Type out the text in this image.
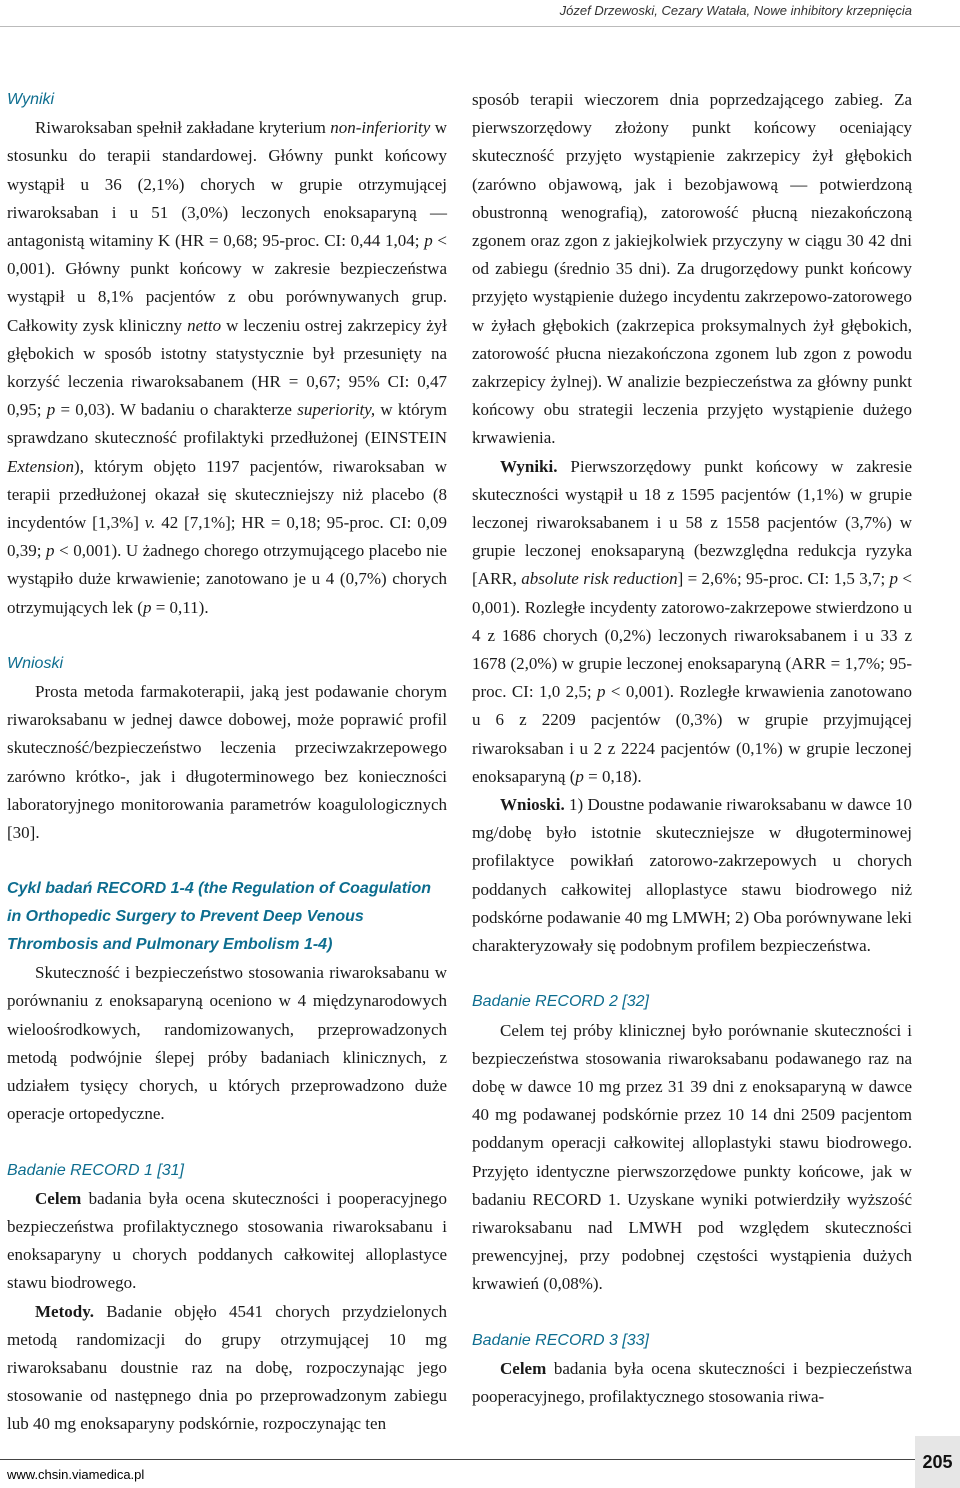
Józef Drzewoski, Cezary Watała, Nowe inhibitory krzepnięcia
Wyniki

Riwaroksaban spełnił zakładane kryterium non-inferiority w stosunku do terapii standardowej. Główny punkt końcowy wystąpił u 36 (2,1%) chorych w grupie otrzymującej riwaroksaban i u 51 (3,0%) leczonych enoksaparyną — antagonistą witaminy K (HR = 0,68; 95-proc. CI: 0,44 1,04; p < 0,001). Główny punkt końcowy w zakresie bezpieczeństwa wystąpił u 8,1% pacjentów z obu porównywanych grup. Całkowity zysk kliniczny netto w leczeniu ostrej zakrzepicy żył głębokich w sposób istotny statystycznie był przesunięty na korzyść leczenia riwaroksabanem (HR = 0,67; 95% CI: 0,47 0,95; p = 0,03). W badaniu o charakterze superiority, w którym sprawdzano skuteczność profilaktyki przedłużonej (EINSTEIN Extension), którym objęto 1197 pacjentów, riwaroksaban w terapii przedłużonej okazał się skuteczniejszy niż placebo (8 incydentów [1,3%] v. 42 [7,1%]; HR = 0,18; 95-proc. CI: 0,09 0,39; p < 0,001). U żadnego chorego otrzymującego placebo nie wystąpiło duże krwawienie; zanotowano je u 4 (0,7%) chorych otrzymujących lek (p = 0,11).

Wnioski

Prosta metoda farmakoterapii, jaką jest podawanie chorym riwaroksabanu w jednej dawce dobowej, może poprawić profil skuteczność/bezpieczeństwo leczenia przeciwzakrzepowego zarówno krótko-, jak i długoterminowego bez konieczności laboratoryjnego monitorowania parametrów koagulologicznych [30].

Cykl badań RECORD 1-4 (the Regulation of Coagulation in Orthopedic Surgery to Prevent Deep Venous Thrombosis and Pulmonary Embolism 1-4)

Skuteczność i bezpieczeństwo stosowania riwaroksabanu w porównaniu z enoksaparyną oceniono w 4 międzynarodowych wieloośrodkowych, randomizowanych, przeprowadzonych metodą podwójnie ślepej próby badaniach klinicznych, z udziałem tysięcy chorych, u których przeprowadzono duże operacje ortopedyczne.

Badanie RECORD 1 [31]

Celem badania była ocena skuteczności i pooperacyjnego bezpieczeństwa profilaktycznego stosowania riwaroksabanu i enoksaparyny u chorych poddanych całkowitej alloplastyce stawu biodrowego.

Metody. Badanie objęło 4541 chorych przydzielonych metodą randomizacji do grupy otrzymującej 10 mg riwaroksabanu doustnie raz na dobę, rozpoczynając jego stosowanie od następnego dnia po przeprowadzonym zabiegu lub 40 mg enoksaparyny podskórnie, rozpoczynając ten

sposób terapii wieczorem dnia poprzedzającego zabieg. Za pierwszorzędowy złożony punkt końcowy oceniający skuteczność przyjęto wystąpienie zakrzepicy żył głębokich (zarówno objawową, jak i bezobjawową — potwierdzoną obustronną wenografią), zatorowość płucną niezakończoną zgonem oraz zgon z jakiejkolwiek przyczyny w ciągu 30 42 dni od zabiegu (średnio 35 dni). Za drugorzędowy punkt końcowy przyjęto wystąpienie dużego incydentu zakrzepowo-zatorowego w żyłach głębokich (zakrzepica proksymalnych żył głębokich, zatorowość płucna niezakończona zgonem lub zgon z powodu zakrzepicy żylnej). W analizie bezpieczeństwa za główny punkt końcowy obu strategii leczenia przyjęto wystąpienie dużego krwawienia.

Wyniki. Pierwszorzędowy punkt końcowy w zakresie skuteczności wystąpił u 18 z 1595 pacjentów (1,1%) w grupie leczonej riwaroksabanem i u 58 z 1558 pacjentów (3,7%) w grupie leczonej enoksaparyną (bezwzględna redukcja ryzyka [ARR, absolute risk reduction] = 2,6%; 95-proc. CI: 1,5 3,7; p < 0,001). Rozległe incydenty zatorowo-zakrzepowe stwierdzono u 4 z 1686 chorych (0,2%) leczonych riwaroksabanem i u 33 z 1678 (2,0%) w grupie leczonej enoksaparyną (ARR = 1,7%; 95-proc. CI: 1,0 2,5; p < 0,001). Rozległe krwawienia zanotowano u 6 z 2209 pacjentów (0,3%) w grupie przyjmującej riwaroksaban i u 2 z 2224 pacjentów (0,1%) w grupie leczonej enoksaparyną (p = 0,18).

Wnioski. 1) Doustne podawanie riwaroksabanu w dawce 10 mg/dobę było istotnie skuteczniejsze w długoterminowej profilaktyce powikłań zatorowo-zakrzepowych u chorych poddanych całkowitej alloplastyce stawu biodrowego niż podskórne podawanie 40 mg LMWH; 2) Oba porównywane leki charakteryzowały się podobnym profilem bezpieczeństwa.

Badanie RECORD 2 [32]

Celem tej próby klinicznej było porównanie skuteczności i bezpieczeństwa stosowania riwaroksabanu podawanego raz na dobę w dawce 10 mg przez 31 39 dni z enoksaparyną w dawce 40 mg podawanej podskórnie przez 10 14 dni 2509 pacjentom poddanym operacji całkowitej alloplastyki stawu biodrowego. Przyjęto identyczne pierwszorzędowe punkty końcowe, jak w badaniu RECORD 1. Uzyskane wyniki potwierdziły wyższość riwaroksabanu nad LMWH pod względem skuteczności prewencyjnej, przy podobnej częstości wystąpienia dużych krwawień (0,08%).

Badanie RECORD 3 [33]

Celem badania była ocena skuteczności i bezpieczeństwa pooperacyjnego, profilaktycznego stosowania riwa-

www.chsin.viamedica.pl
205
